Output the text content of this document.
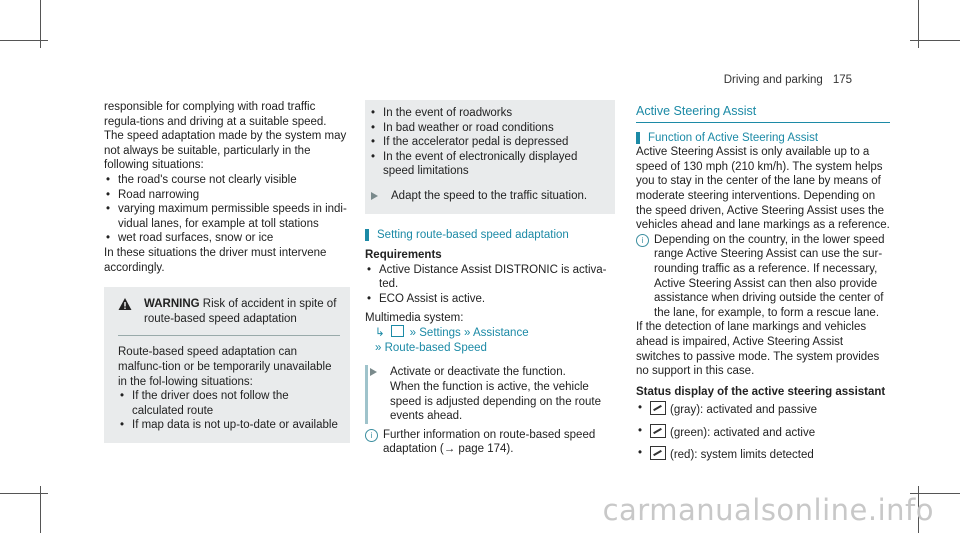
Driving and parking 175

responsible for complying with road traffic regula-tions and driving at a suitable speed.

The speed adaptation made by the system may not always be suitable, particularly in the following situations:

• the road's course not clearly visible

• Road narrowing

• varying maximum permissible speeds in indi-vidual lanes, for example at toll stations

• wet road surfaces, snow or ice

In these situations the driver must intervene accordingly.

WARNING Risk of accident in spite of route-based speed adaptation

Route-based speed adaptation can malfunc-tion or be temporarily unavailable in the fol-lowing situations:

• If the driver does not follow the calculated route

• If map data is not up-to-date or available

• In the event of roadworks

• In bad weather or road conditions

• If the accelerator pedal is depressed

• In the event of electronically displayed speed limitations

Adapt the speed to the traffic situation.

Setting route-based speed adaptation

Requirements

• Active Distance Assist DISTRONIC is activa-ted.

• ECO Assist is active.

Multimedia system:

↳ » Settings » Assistance

» Route-based Speed

Activate or deactivate the function.

When the function is active, the vehicle speed is adjusted depending on the route events ahead.

i Further information on route-based speed adaptation (→ page 174).

Active Steering Assist

Function of Active Steering Assist

Active Steering Assist is only available up to a speed of 130 mph (210 km/h). The system helps you to stay in the center of the lane by means of moderate steering interventions. Depending on the speed driven, Active Steering Assist uses the vehicles ahead and lane markings as a reference.

i Depending on the country, in the lower speed range Active Steering Assist can use the sur-rounding traffic as a reference. If necessary, Active Steering Assist can then also provide assistance when driving outside the center of the lane, for example, to form a rescue lane.

If the detection of lane markings and vehicles ahead is impaired, Active Steering Assist switches to passive mode. The system provides no support in this case.

Status display of the active steering assistant

• (gray): activated and passive

• (green): activated and active

• (red): system limits detected

carmanualsonline.info
